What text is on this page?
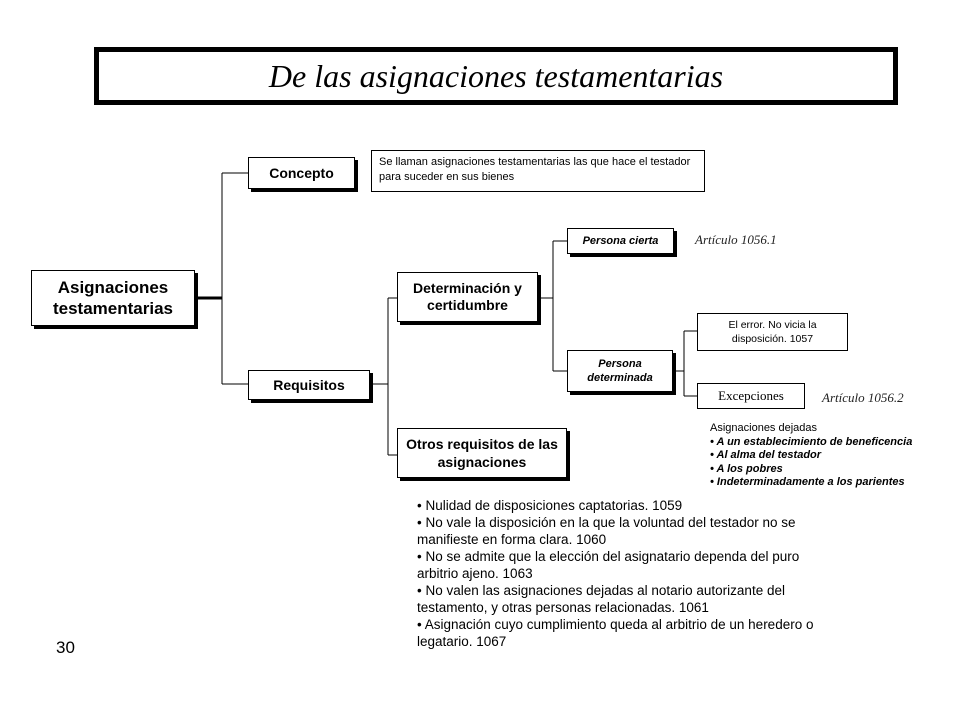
De las asignaciones testamentarias
Asignaciones testamentarias
Concepto
Se llaman asignaciones testamentarias las que hace el testador para suceder en sus bienes
Requisitos
Determinación y certidumbre
Otros requisitos de las asignaciones
Persona cierta	Artículo 1056.1
Persona determinada
El error. No vicia la disposición. 1057
Excepciones	Artículo 1056.2
Asignaciones dejadas
• A un establecimiento de beneficencia
• Al alma del testador
• A los pobres
• Indeterminadamente a los parientes
• Nulidad de disposiciones captatorias. 1059
• No vale la disposición en la que la voluntad del testador no se manifieste en forma clara. 1060
• No se admite que la elección del asignatario dependa del puro arbitrio ajeno. 1063
• No valen las asignaciones dejadas al notario autorizante del testamento, y otras personas relacionadas. 1061
• Asignación cuyo cumplimiento queda al arbitrio de un heredero o legatario. 1067
30
